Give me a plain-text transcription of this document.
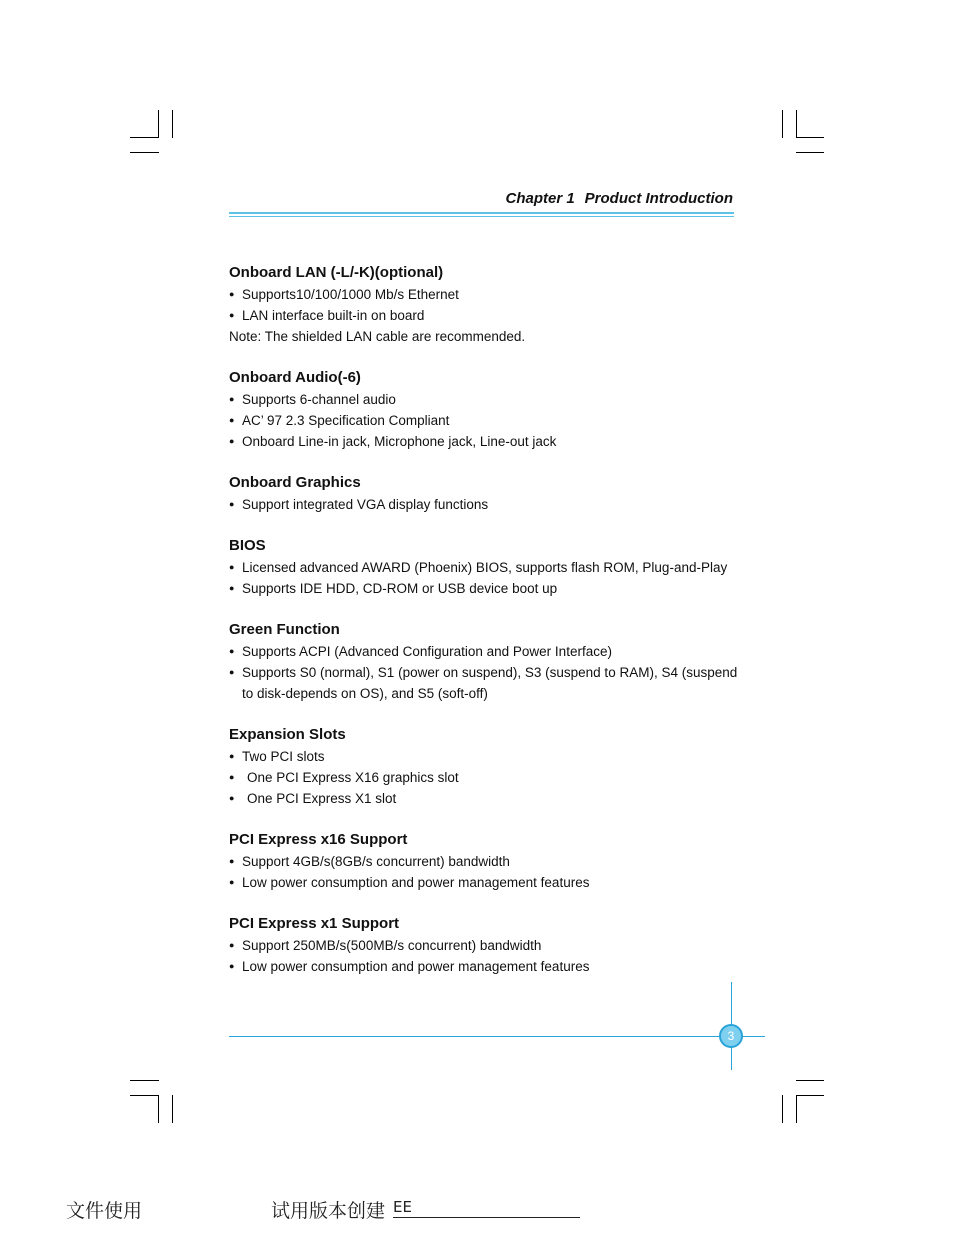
Chapter 1 Product Introduction
Onboard LAN (-L/-K)(optional)
● Supports10/100/1000 Mb/s Ethernet
● LAN interface built-in on board
Note: The shielded LAN cable are recommended.
Onboard Audio(-6)
● Supports 6-channel audio
● AC’ 97 2.3 Specification Compliant
● Onboard Line-in jack, Microphone jack, Line-out jack
Onboard Graphics
● Support integrated VGA display functions
BIOS
● Licensed advanced AWARD (Phoenix) BIOS, supports flash ROM, Plug-and-Play
● Supports IDE HDD, CD-ROM or USB device boot up
Green Function
● Supports ACPI (Advanced Configuration and Power Interface)
● Supports S0 (normal), S1 (power on suspend), S3 (suspend to RAM), S4 (suspend to disk-depends on OS), and S5 (soft-off)
Expansion Slots
● Two PCI slots
● One PCI Express X16 graphics slot
● One PCI Express X1 slot
PCI Express x16 Support
● Support 4GB/s(8GB/s concurrent) bandwidth
● Low power consumption and power management features
PCI Express x1 Support
● Support 250MB/s(500MB/s concurrent) bandwidth
● Low power consumption and power management features
3
文件使用	试用版本创建 EE
